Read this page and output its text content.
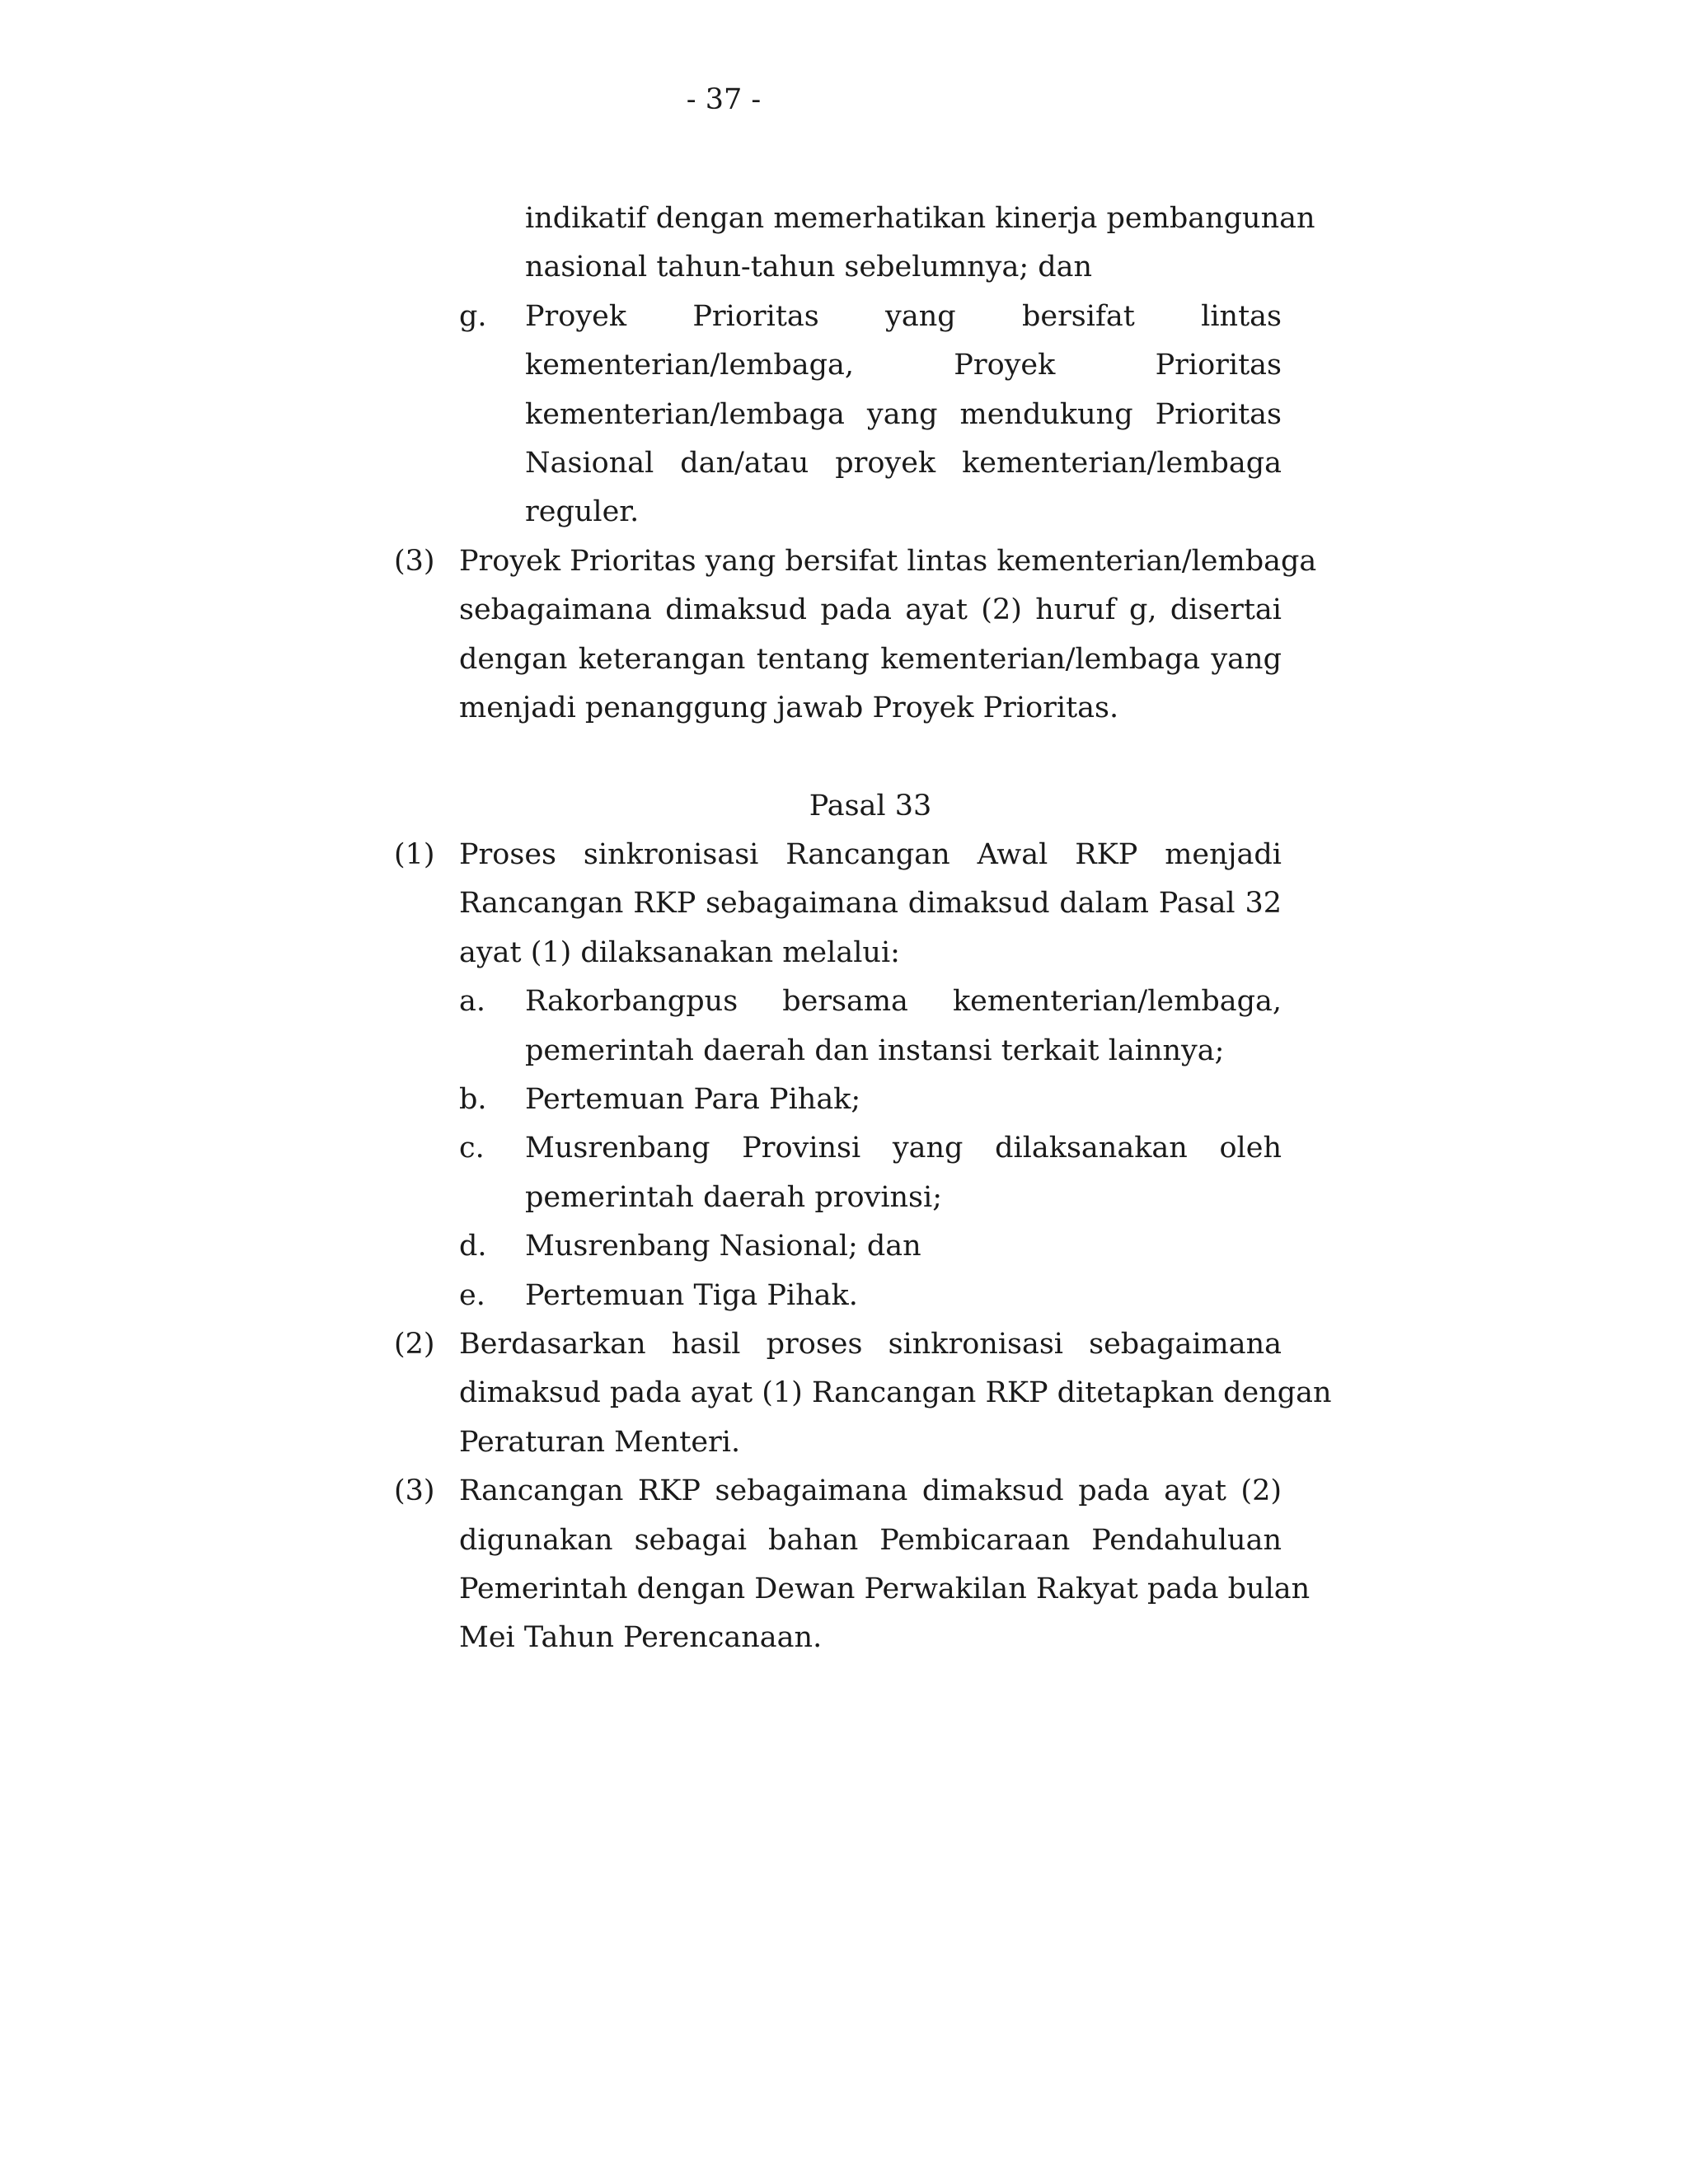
- 37 -
indikatif dengan memerhatikan kinerja pembangunan
nasional tahun-tahun sebelumnya; dan
g. Proyek Prioritas yang bersifat lintas
kementerian/lembaga, Proyek Prioritas
kementerian/lembaga yang mendukung Prioritas
Nasional dan/atau proyek kementerian/lembaga
reguler.
(3) Proyek Prioritas yang bersifat lintas kementerian/lembaga
sebagaimana dimaksud pada ayat (2) huruf g, disertai
dengan keterangan tentang kementerian/lembaga yang
menjadi penanggung jawab Proyek Prioritas.
Pasal 33
(1) Proses sinkronisasi Rancangan Awal RKP menjadi
Rancangan RKP sebagaimana dimaksud dalam Pasal 32
ayat (1) dilaksanakan melalui:
a. Rakorbangpus bersama kementerian/lembaga,
pemerintah daerah dan instansi terkait lainnya;
b. Pertemuan Para Pihak;
c. Musrenbang Provinsi yang dilaksanakan oleh
pemerintah daerah provinsi;
d. Musrenbang Nasional; dan
e. Pertemuan Tiga Pihak.
(2) Berdasarkan hasil proses sinkronisasi sebagaimana
dimaksud pada ayat (1) Rancangan RKP ditetapkan dengan
Peraturan Menteri.
(3) Rancangan RKP sebagaimana dimaksud pada ayat (2)
digunakan sebagai bahan Pembicaraan Pendahuluan
Pemerintah dengan Dewan Perwakilan Rakyat pada bulan
Mei Tahun Perencanaan.
